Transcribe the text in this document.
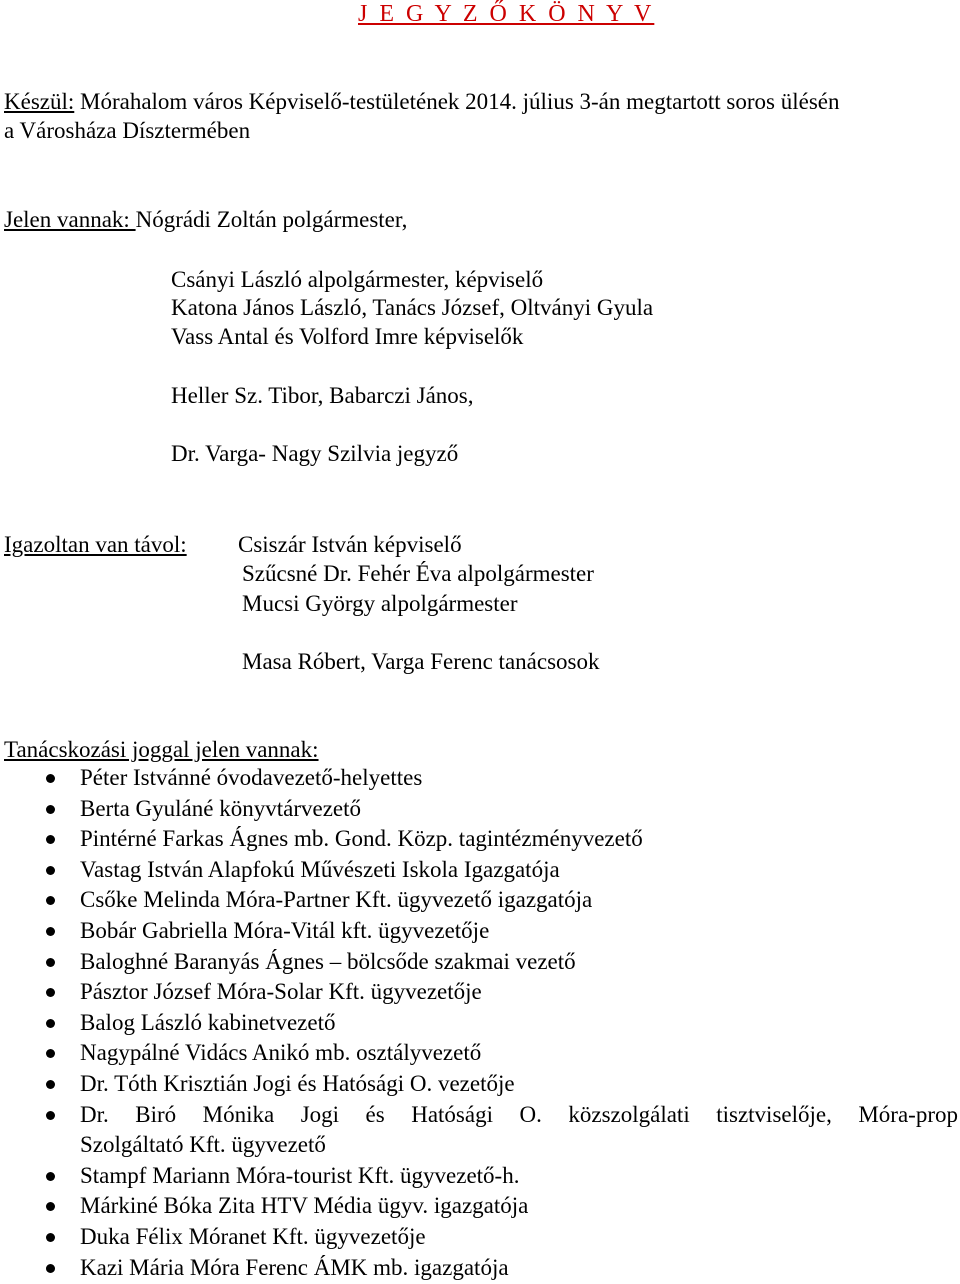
J E G Y Z Ő K Ö N Y V
Készül: Mórahalom város Képviselő-testületének 2014. július 3-án megtartott soros ülésén
a Városháza Dísztermében
Jelen vannak: Nógrádi Zoltán polgármester,
Csányi László alpolgármester, képviselő
Katona János László, Tanács József, Oltványi Gyula
Vass Antal és Volford Imre képviselők
Heller Sz. Tibor, Babarczi János,
Dr. Varga- Nagy Szilvia jegyző
Igazoltan van távol: Csiszár István képviselő
Szűcsné Dr. Fehér Éva alpolgármester
Mucsi György alpolgármester
Masa Róbert, Varga Ferenc tanácsosok
Tanácskozási joggal jelen vannak:
Péter Istvánné óvodavezető-helyettes
Berta Gyuláné könyvtárvezető
Pintérné Farkas Ágnes mb. Gond. Közp. tagintézményvezető
Vastag István Alapfokú Művészeti Iskola Igazgatója
Csőke Melinda Móra-Partner Kft. ügyvezető igazgatója
Bobár Gabriella Móra-Vitál kft. ügyvezetője
Baloghné Baranyás Ágnes – bölcsőde szakmai vezető
Pásztor József Móra-Solar Kft. ügyvezetője
Balog László kabinetvezető
Nagypálné Vidács Anikó mb. osztályvezető
Dr. Tóth Krisztián Jogi és Hatósági O. vezetője
Dr. Biró Mónika Jogi és Hatósági O. közszolgálati tisztviselője, Móra-prop
Szolgáltató Kft. ügyvezető
Stampf Mariann Móra-tourist Kft. ügyvezető-h.
Márkiné Bóka Zita HTV Média ügyv. igazgatója
Duka Félix Móranet Kft. ügyvezetője
Kazi Mária Móra Ferenc ÁMK mb. igazgatója
